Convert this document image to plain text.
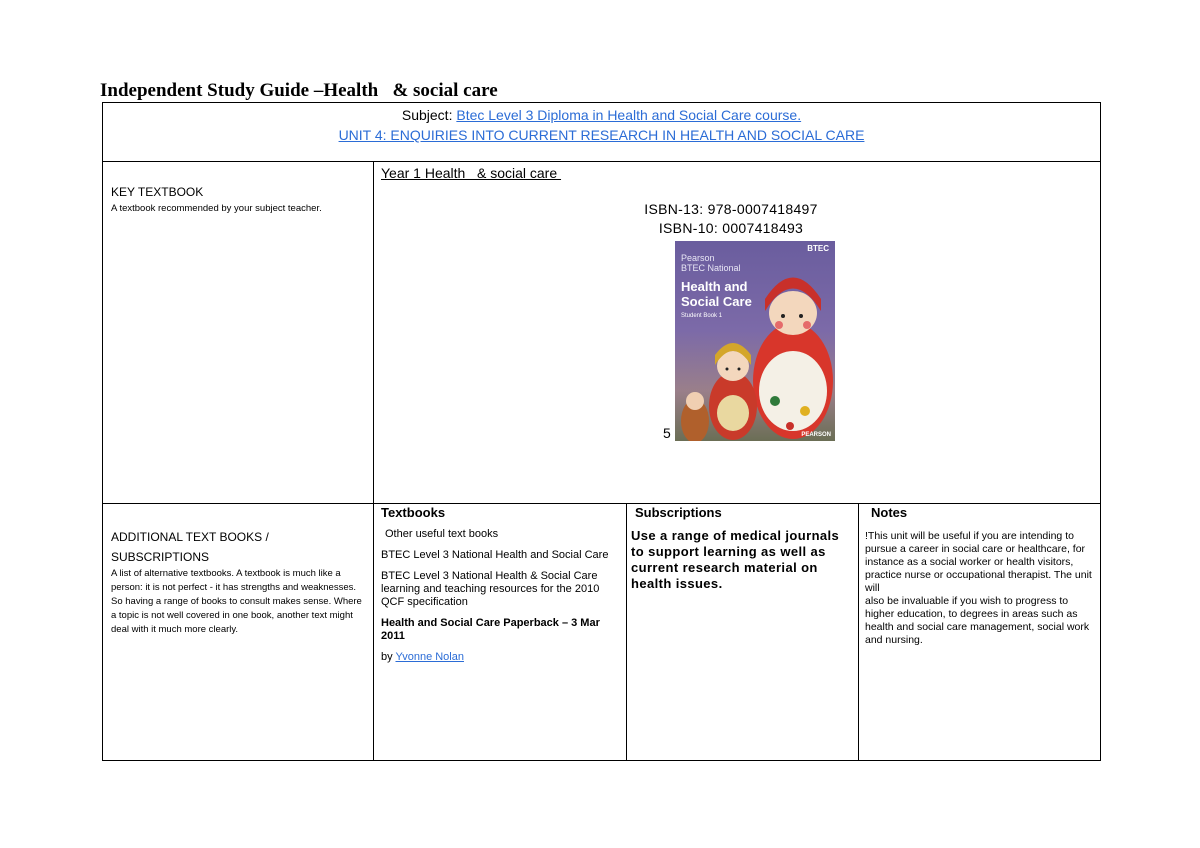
Independent Study Guide –Health   & social care
Subject: Btec Level 3 Diploma in Health and Social Care course.
UNIT 4: ENQUIRIES INTO CURRENT RESEARCH IN HEALTH AND SOCIAL CARE
KEY TEXTBOOK
A textbook recommended by your subject teacher.
Year 1 Health   & social care
ISBN-13: 978-0007418497
ISBN-10: 0007418493
5
BTEC
Pearson
BTEC National
Health and Social Care
Student Book 1
PEARSON
ADDITIONAL TEXT BOOKS /
SUBSCRIPTIONS
A list of alternative textbooks. A textbook is much like a person: it is not perfect - it has strengths and weaknesses. So having a range of books to consult makes sense. Where a topic is not well covered in one book, another text might deal with it much more clearly.
Textbooks
Other useful text books
BTEC Level 3 National Health and Social Care
BTEC Level 3 National Health & Social Care learning and teaching resources for the 2010 QCF specification
Health and Social Care Paperback – 3 Mar 2011
by Yvonne Nolan
Subscriptions
Use a range of medical journals to support learning as well as current research material on health issues.
Notes
!This unit will be useful if you are intending to pursue a career in social care or healthcare, for instance as a social worker or health visitors, practice nurse or occupational therapist. The unit will
also be invaluable if you wish to progress to higher education, to degrees in areas such as health and social care management, social work and nursing.
